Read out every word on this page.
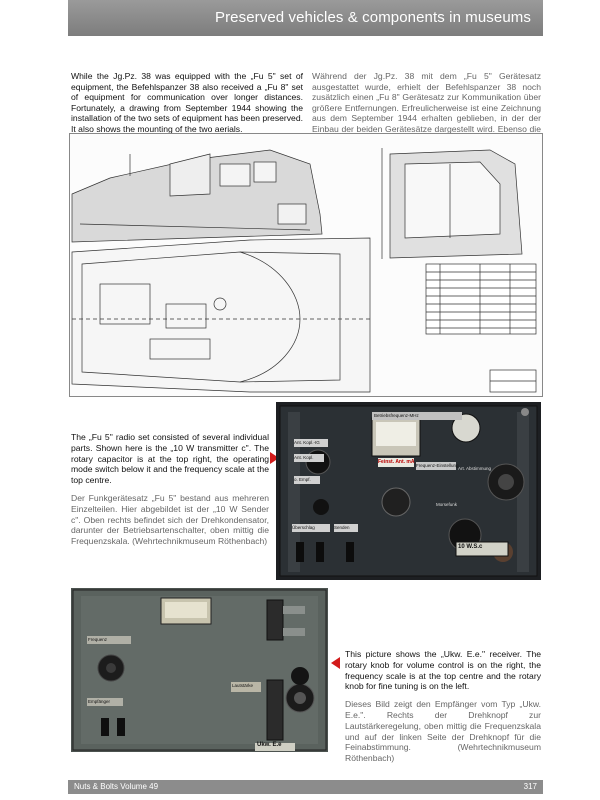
Preserved vehicles & components in museums
While the Jg.Pz. 38 was equipped with the „Fu 5" set of equipment, the Befehlspanzer 38 also received a „Fu 8" set of equipment for communication over longer distances. Fortunately, a drawing from September 1944 showing the installation of the two sets of equipment has been preserved. It also shows the mounting of the two aerials.
Während der Jg.Pz. 38 mit dem „Fu 5" Gerätesatz ausgestattet wurde, erhielt der Befehlspanzer 38 noch zusätzlich einen „Fu 8" Gerätesatz zur Kommunikation über größere Entfernungen. Erfreulicherweise ist eine Zeichnung aus dem September 1944 erhalten geblieben, in der der Einbau der beiden Gerätesätze dargestellt wird. Ebenso die
The „Fu 5" radio set consisted of several individual parts. Shown here is the „10 W transmitter c". The rotary capacitor is at the top right, the operating mode switch below it and the frequency scale at the top centre.
Der Funkgerätesatz „Fu 5" bestand aus mehreren Einzelteilen. Hier abgebildet ist der „10 W Sender c". Oben rechts befindet sich der Drehkondensator, darunter der Betriebsartenschalter, oben mittig die Frequenzskala. (Wehrtechnikmuseum Röthenbach)
Ant. Kopl.-IG
Ant. Kopl.
o. Empf.
Überschlag
Morsefunk
Senden
Frequenz-Einstellung
Feinst. Ant. mA
Art. Abstimmung
Betriebsfrequenz-MHz
10 W.S.c
Frequenz
Empfänger
Lautstärke
Ukw. E.e
This picture shows the „Ukw. E.e." receiver. The rotary knob for volume control is on the right, the frequency scale is at the top centre and the rotary knob for fine tuning is on the left.
Dieses Bild zeigt den Empfänger vom Typ „Ukw. E.e.". Rechts der Drehknopf zur Lautstärkeregelung, oben mittig die Frequenzskala und auf der linken Seite der Drehknopf für die Feinabstimmung. (Wehrtechnikmuseum Röthenbach)
Nuts & Bolts Volume 49	317
